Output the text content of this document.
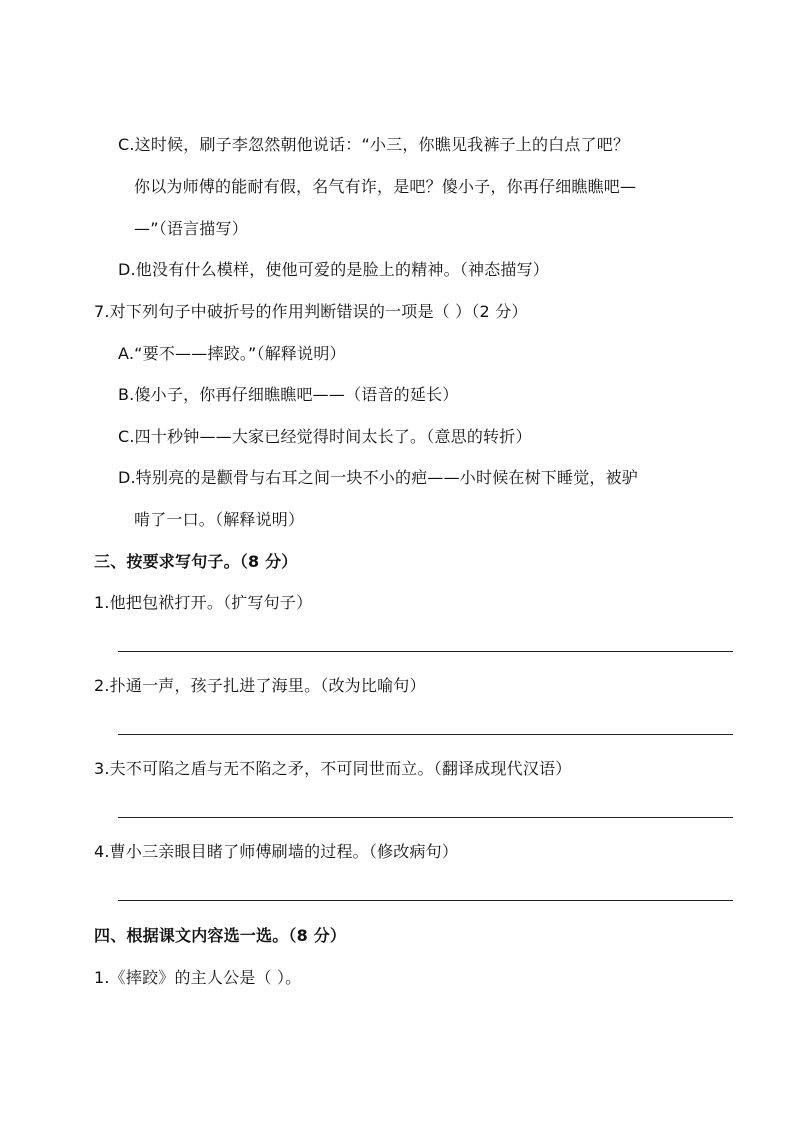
C.这时候，刷子李忽然朝他说话：“小三，你瞧见我裤子上的白点了吧？
你以为师傅的能耐有假，名气有诈，是吧？傻小子，你再仔细瞧瞧吧—
—”（语言描写）
D.他没有什么模样，使他可爱的是脸上的精神。（神态描写）
7.对下列句子中破折号的作用判断错误的一项是（ ）（2 分）
A.“要不——摔跤。”（解释说明）
B.傻小子，你再仔细瞧瞧吧——（语音的延长）
C.四十秒钟——大家已经觉得时间太长了。（意思的转折）
D.特别亮的是颧骨与右耳之间一块不小的疤——小时候在树下睡觉，被驴
啃了一口。（解释说明）
三、按要求写句子。（8 分）
1.他把包袱打开。（扩写句子）
2.扑通一声，孩子扎进了海里。（改为比喻句）
3.夫不可陷之盾与无不陷之矛，不可同世而立。（翻译成现代汉语）
4.曹小三亲眼目睹了师傅刷墙的过程。（修改病句）
四、根据课文内容选一选。（8 分）
1.《摔跤》的主人公是（ ）。
